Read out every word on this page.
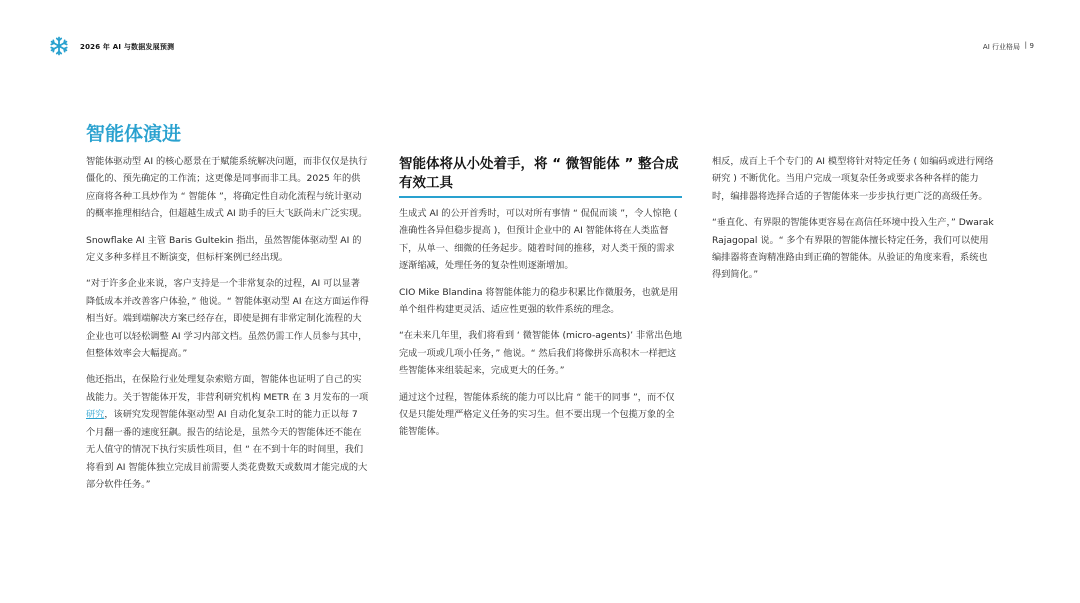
2026 年 AI 与数据发展预测	AI 行业格局 | 9
智能体演进

智能体驱动型 AI 的核心愿景在于赋能系统解决问题，而非仅仅是执行僵化的、预先确定的工作流；这更像是同事而非工具。2025 年的供应商将各种工具炒作为 “ 智能体 ”，将确定性自动化流程与统计驱动的概率推理相结合，但超越生成式 AI 助手的巨大飞跃尚未广泛实现。

Snowflake AI 主管 Baris Gultekin 指出，虽然智能体驱动型 AI 的定义多种多样且不断演变，但标杆案例已经出现。

“对于许多企业来说，客户支持是一个非常复杂的过程，AI 可以显著降低成本并改善客户体验，” 他说。“ 智能体驱动型 AI 在这方面运作得相当好。端到端解决方案已经存在，即使是拥有非常定制化流程的大企业也可以轻松调整 AI 学习内部文档。虽然仍需工作人员参与其中，但整体效率会大幅提高。”

他还指出，在保险行业处理复杂索赔方面，智能体也证明了自己的实战能力。关于智能体开发，非营利研究机构 METR 在 3 月发布的一项研究，该研究发现智能体驱动型 AI 自动化复杂工时的能力正以每 7 个月翻一番的速度狂飙。报告的结论是，虽然今天的智能体还不能在无人值守的情况下执行实质性项目，但 “ 在不到十年的时间里，我们将看到 AI 智能体独立完成目前需要人类花费数天或数周才能完成的大部分软件任务。”

智能体将从小处着手，将 “ 微智能体 ” 整合成有效工具

生成式 AI 的公开首秀时，可以对所有事情 “ 侃侃而谈 ”，令人惊艳 ( 准确性各异但稳步提高 )，但预计企业中的 AI 智能体将在人类监督下，从单一、细微的任务起步。随着时间的推移，对人类干预的需求逐渐缩减，处理任务的复杂性则逐渐增加。

CIO Mike Blandina 将智能体能力的稳步积累比作微服务，也就是用单个组件构建更灵活、适应性更强的软件系统的理念。

“在未来几年里，我们将看到 ‘ 微智能体 (micro-agents)’ 非常出色地完成一项或几项小任务，” 他说。“ 然后我们将像拼乐高积木一样把这些智能体来组装起来，完成更大的任务。”

通过这个过程，智能体系统的能力可以比肩 “ 能干的同事 ”，而不仅仅是只能处理严格定义任务的实习生。但不要出现一个包揽万象的全能智能体。

相反，成百上千个专门的 AI 模型将针对特定任务 ( 如编码或进行网络研究 ) 不断优化。当用户完成一项复杂任务或要求各种各样的能力时，编排器将选择合适的子智能体来一步步执行更广泛的高级任务。

“垂直化、有界限的智能体更容易在高信任环境中投入生产，” Dwarak Rajagopal 说。“ 多个有界限的智能体擅长特定任务，我们可以使用编排器将查询精准路由到正确的智能体。从验证的角度来看，系统也得到简化。”
